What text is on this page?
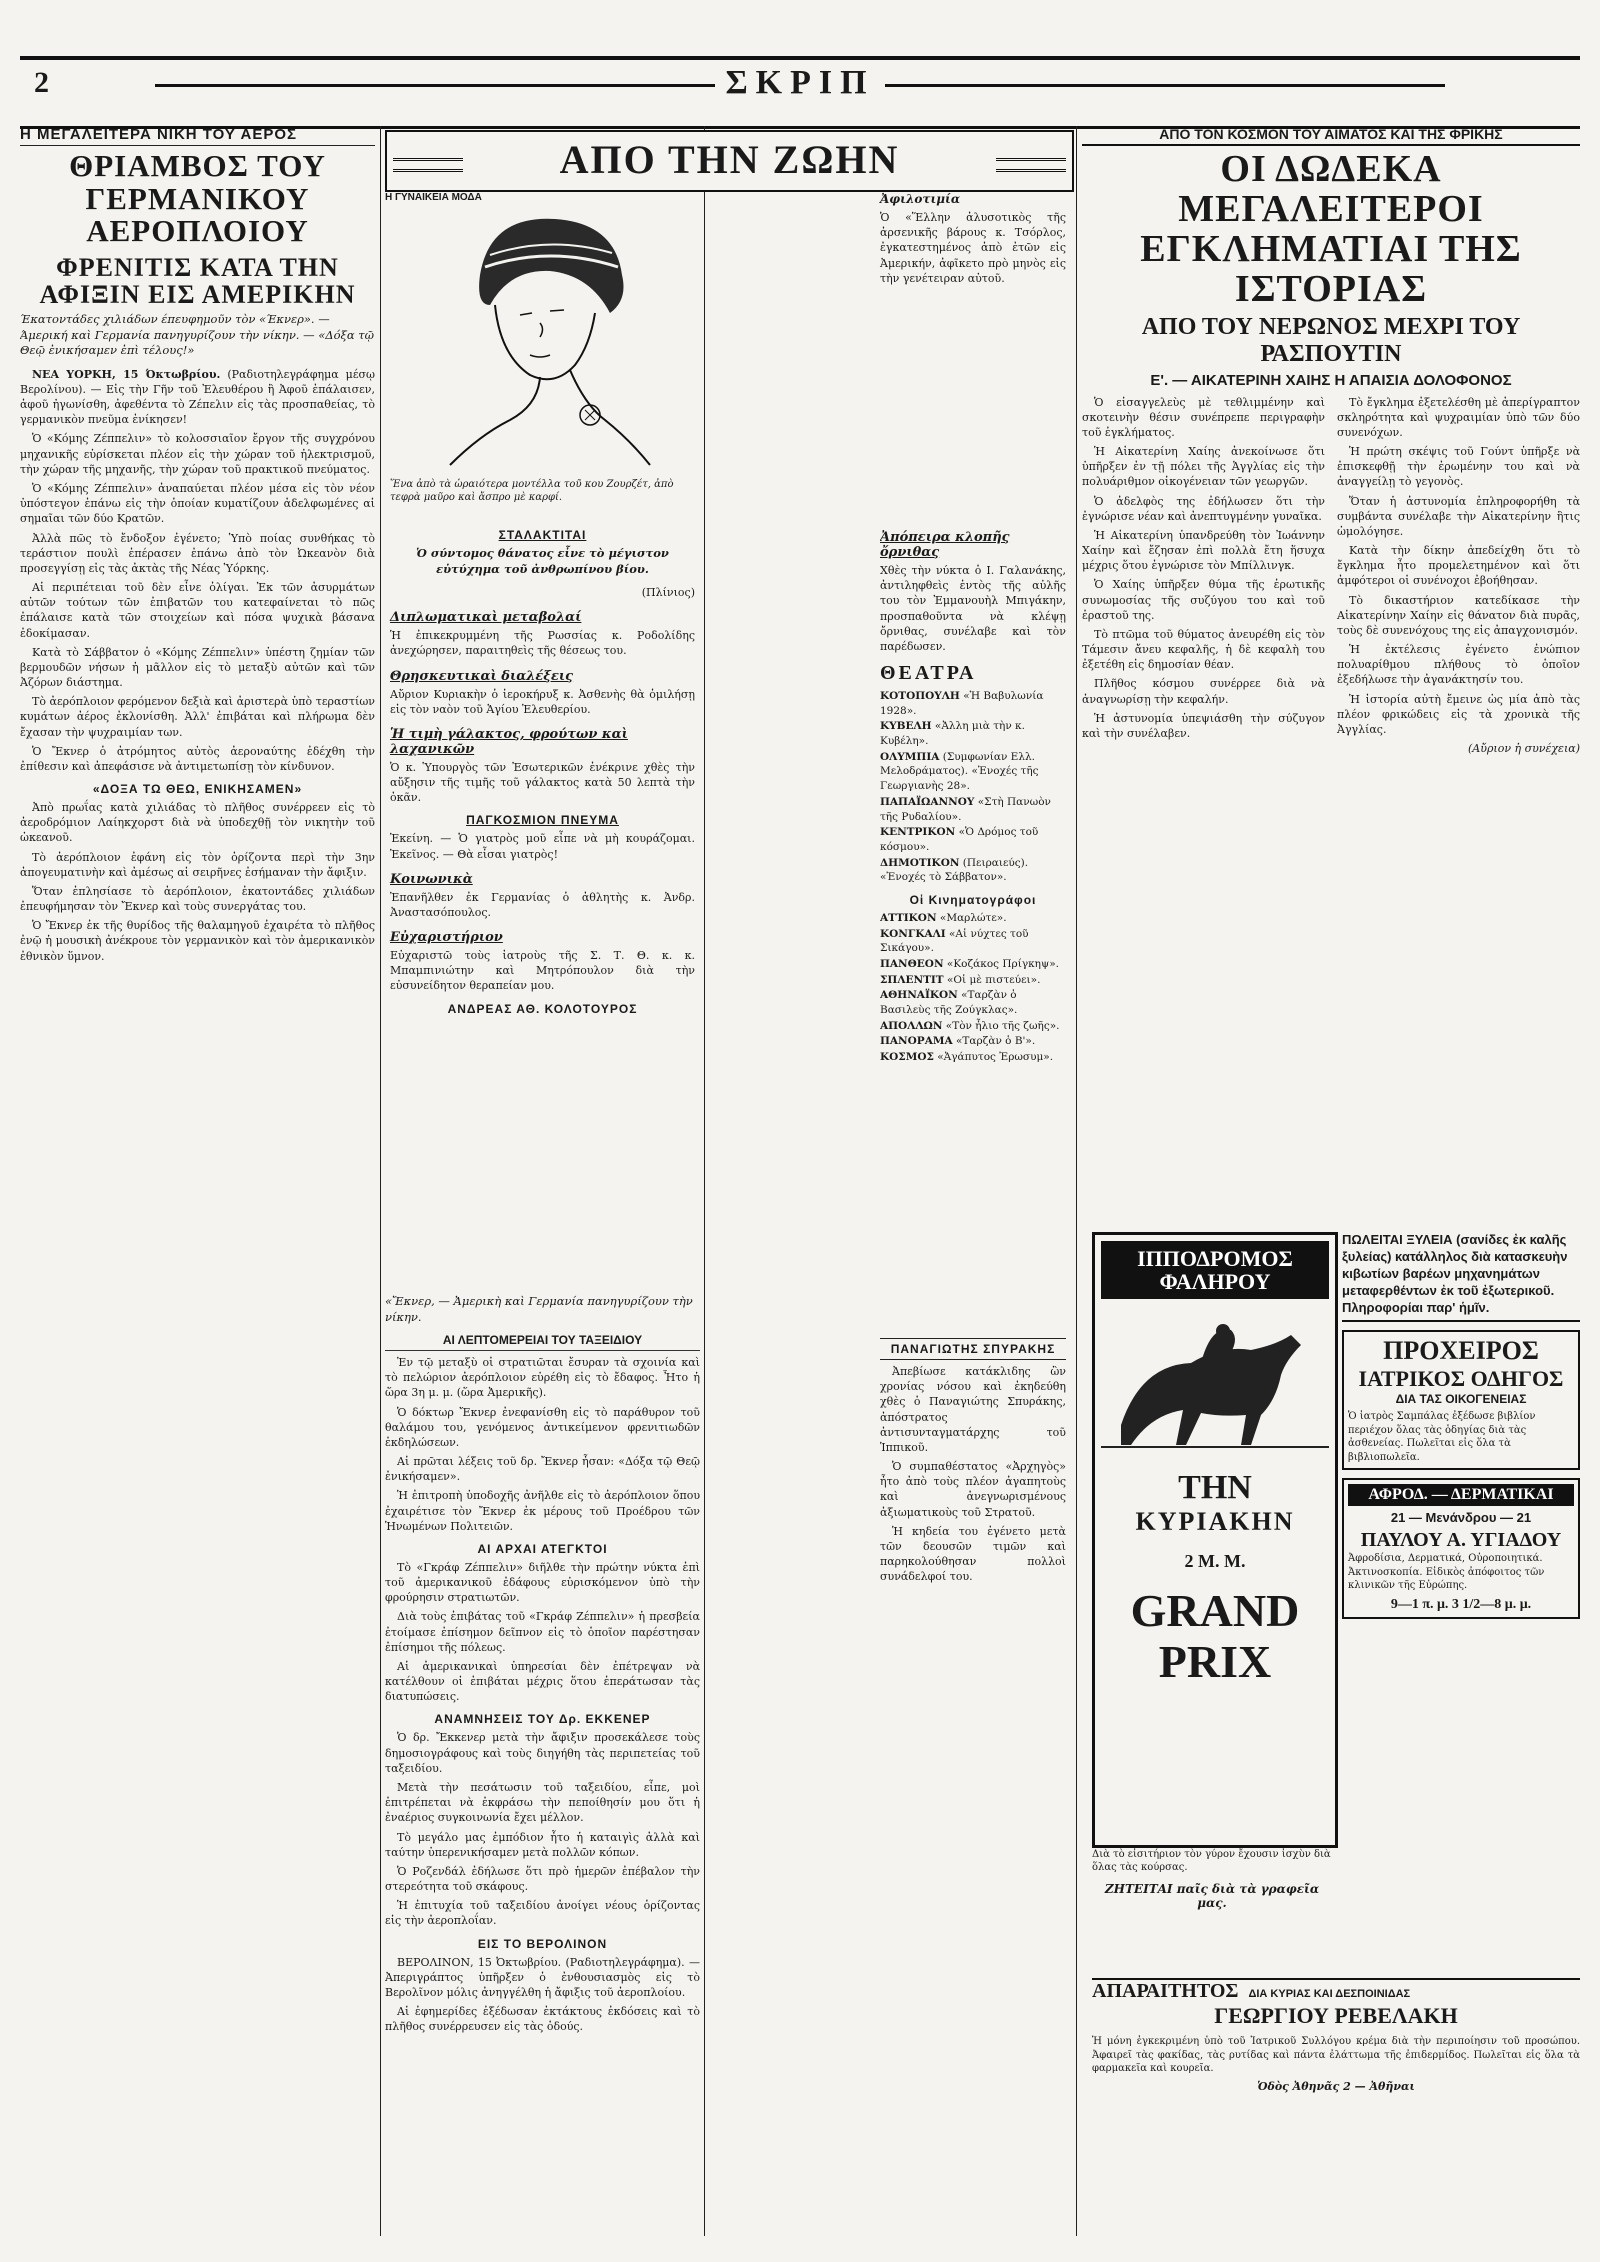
2	ΣΚΡΙΠ
Η ΜΕΓΑΛΕΙΤΕΡΑ ΝΙΚΗ ΤΟΥ ΑΕΡΟΣ
ΘΡΙΑΜΒΟΣ ΤΟΥ ΓΕΡΜΑΝΙΚΟΥ ΑΕΡΟΠΛΟΙΟΥ
ΦΡΕΝΙΤΙΣ ΚΑΤΑ ΤΗΝ ΑΦΙΞΙΝ ΕΙΣ ΑΜΕΡΙΚΗΝ
Έκατοντάδες χιλιάδων έπευφημοῦν τὸν «Έκνερ». — Άμερική καὶ Γερμανία πανηγυρίζουν τὴν νίκην. — «Δόξα τῷ Θεῷ ἐνικήσαμεν ἐπὶ τέλους!»

ΝΕΑ ΥΟΡΚΗ, 15 Όκτωβρίου. (Ραδιοτηλεγράφημα μέσῳ Βερολίνου). — Εἰς τὴν Γῆν τοῦ Ἐλευθέρου ἢ Ἀφοῦ ἐπάλαισεν, ἀφοῦ ἠγωνίσθη, ἀφεθέντα τὸ Ζέπελιν εἰς τὰς προσπαθείας, τὸ γερμανικὸν πνεῦμα ἐνίκησεν!

Ὁ «Κόμης Ζέππελιν» τὸ κολοσσιαῖον ἔργον τῆς συγχρόνου μηχανικῆς εὑρίσκεται πλέον εἰς τὴν χώραν τοῦ ἠλεκτρισμοῦ, τὴν χώραν τῆς μηχανῆς, τὴν χώραν τοῦ πρακτικοῦ πνεύματος.

Ὁ «Κόμης Ζέππελιν» ἀναπαύεται πλέον μέσα εἰς τὸν νέον ὑπόστεγον ἐπάνω εἰς τὴν ὁποίαν κυματίζουν ἀδελφωμένες αἱ σημαῖαι τῶν δύο Κρατῶν.

Ἀλλὰ πῶς τὸ ἔνδοξον ἐγένετο; Ὑπὸ ποίας συνθήκας τὸ τεράστιον πουλὶ ἐπέρασεν ἐπάνω ἀπὸ τὸν Ὠκεανὸν διὰ προσεγγίσῃ εἰς τὰς ἀκτὰς τῆς Νέας Ὑόρκης.

Αἱ περιπέτειαι τοῦ δὲν εἶνε ὀλίγαι. Ἐκ τῶν ἀσυρμάτων αὐτῶν τούτων τῶν ἐπιβατῶν του κατεφαίνεται τὸ πῶς ἐπάλαισε κατὰ τῶν στοιχείων καὶ πόσα ψυχικὰ βάσανα ἐδοκίμασαν.

Κατὰ τὸ Σάββατον ὁ «Κόμης Ζέππελιν» ὑπέστη ζημίαν τῶν βερμουδῶν νήσων ἡ μᾶλλον εἰς τὸ μεταξὺ αὐτῶν καὶ τῶν Ἀζόρων διάστημα.

Τὸ ἀερόπλοιον φερόμενον δεξιὰ καὶ ἀριστερὰ ὑπὸ τεραστίων κυμάτων ἀέρος ἐκλονίσθη. Ἀλλ' ἐπιβάται καὶ πλήρωμα δὲν ἔχασαν τὴν ψυχραιμίαν των.

Ὁ Ἔκνερ ὁ ἀτρόμητος αὐτὸς ἀεροναύτης ἐδέχθη τὴν ἐπίθεσιν καὶ ἀπεφάσισε νὰ ἀντιμετωπίσῃ τὸν κίνδυνον.

«ΔΟΞΑ ΤΩ ΘΕΩ, ΕΝΙΚΗΣΑΜΕΝ»

Ἀπὸ πρωΐας κατὰ χιλιάδας τὸ πλῆθος συνέρρεεν εἰς τὸ ἀεροδρόμιον Λαίηκχορστ διὰ νὰ ὑποδεχθῇ τὸν νικητὴν τοῦ ὠκεανοῦ.

Τὸ ἀερόπλοιον ἐφάνη εἰς τὸν ὁρίζοντα περὶ τὴν 3ην ἀπογευματινὴν καὶ ἀμέσως αἱ σειρῆνες ἐσήμαναν τὴν ἄφιξιν.

Ὅταν ἐπλησίασε τὸ ἀερόπλοιον, ἐκατοντάδες χιλιάδων ἐπευφήμησαν τὸν Ἔκνερ καὶ τοὺς συνεργάτας του.

Ὁ Ἔκνερ ἐκ τῆς θυρίδος τῆς θαλαμηγοῦ ἐχαιρέτα τὸ πλῆθος ἐνῷ ἡ μουσικὴ ἀνέκρουε τὸν γερμανικὸν καὶ τὸν ἀμερικανικὸν ἐθνικὸν ὕμνον.

ΑΠΟ ΤΗΝ ΖΩΗΝ
Η ΓΥΝΑΙΚΕΙΑ ΜΟΔΑ	Ἀφιλοτιμία
Ἕνα ἀπὸ τὰ ὡραιότερα μοντέλλα τοῦ κου Ζουρζέτ, ἀπὸ τεφρὰ μαῦρο καὶ ἄσπρο μὲ καρφί.
ΣΤΑΛΑΚΤΙΤΑΙ
Ὁ σύντομος θάνατος εἶνε τὸ μέγιστον εὐτύχημα τοῦ ἀνθρωπίνου βίου.
(Πλίνιος)
Διπλωματικαὶ μεταβολαί
Ἡ ἐπικεκρυμμένη τῆς Ρωσσίας κ. Ροδολίδης ἀνεχώρησεν, παραιτηθεὶς τῆς θέσεως του.
Θρησκευτικαὶ διαλέξεις
Αὔριον Κυριακὴν ὁ ἱεροκήρυξ κ. Ἀσθενὴς θὰ ὁμιλήσῃ εἰς τὸν ναὸν τοῦ Ἁγίου Ἐλευθερίου.
Ἡ τιμὴ γάλακτος, φρούτων καὶ λαχανικῶν
Ὁ κ. Ὑπουργὸς τῶν Ἐσωτερικῶν ἐνέκρινε χθὲς τὴν αὔξησιν τῆς τιμῆς τοῦ γάλακτος κατὰ 50 λεπτὰ τὴν ὀκᾶν.
ΠΑΓΚΟΣΜΙΟΝ ΠΝΕΥΜΑ
Ἐκείνη. — Ὁ γιατρὸς μοῦ εἶπε νὰ μὴ κουράζομαι. Ἐκεῖνος. — Θὰ εἶσαι γιατρὸς!
Κοινωνικὰ
Ἐπανῆλθεν ἐκ Γερμανίας ὁ ἀθλητὴς κ. Ἀνδρ. Ἀναστασόπουλος.
Εὐχαριστήριον
Εὐχαριστῶ τοὺς ἰατροὺς τῆς Σ. Τ. Θ. κ. κ. Μπαμπινιώτην καὶ Μητρόπουλον διὰ τὴν εὐσυνείδητον θεραπείαν μου.
ΑΝΔΡΕΑΣ ΑΘ. ΚΟΛΟΤΟΥΡΟΣ
«Ἔκνερ, — Ἀμερικὴ καὶ Γερμανία πανηγυρίζουν τὴν νίκην.
ΑΙ ΛΕΠΤΟΜΕΡΕΙΑΙ ΤΟΥ ΤΑΞΕΙΔΙΟΥ

Ἐν τῷ μεταξὺ οἱ στρατιῶται ἔσυραν τὰ σχοινία καὶ τὸ πελώριον ἀερόπλοιον εὑρέθη εἰς τὸ ἔδαφος. Ἦτο ἡ ὥρα 3η μ. μ. (ὥρα Ἀμερικῆς).

Ὁ δόκτωρ Ἔκνερ ἐνεφανίσθη εἰς τὸ παράθυρον τοῦ θαλάμου του, γενόμενος ἀντικείμενον φρενιτιωδῶν ἐκδηλώσεων.

Αἱ πρῶται λέξεις τοῦ δρ. Ἔκνερ ἦσαν: «Δόξα τῷ Θεῷ ἐνικήσαμεν».

Ἡ ἐπιτροπὴ ὑποδοχῆς ἀνῆλθε εἰς τὸ ἀερόπλοιον ὅπου ἐχαιρέτισε τὸν Ἔκνερ ἐκ μέρους τοῦ Προέδρου τῶν Ἡνωμένων Πολιτειῶν.

ΑΙ ΑΡΧΑΙ ΑΤΕΓΚΤΟΙ

Τὸ «Γκράφ Ζέππελιν» διῆλθε τὴν πρώτην νύκτα ἐπὶ τοῦ ἀμερικανικοῦ ἐδάφους εὑρισκόμενον ὑπὸ τὴν φρούρησιν στρατιωτῶν.

Διὰ τοὺς ἐπιβάτας τοῦ «Γκράφ Ζέππελιν» ἡ πρεσβεία ἐτοίμασε ἐπίσημον δεῖπνον εἰς τὸ ὁποῖον παρέστησαν ἐπίσημοι τῆς πόλεως.

Αἱ ἀμερικανικαὶ ὑπηρεσίαι δὲν ἐπέτρεψαν νὰ κατέλθουν οἱ ἐπιβάται μέχρις ὅτου ἐπεράτωσαν τὰς διατυπώσεις.

ΑΝΑΜΝΗΣΕΙΣ ΤΟΥ Δρ. ΕΚΚΕΝΕΡ

Ὁ δρ. Ἔκκενερ μετὰ τὴν ἄφιξιν προσεκάλεσε τοὺς δημοσιογράφους καὶ τοὺς διηγήθη τὰς περιπετείας τοῦ ταξειδίου.

Μετὰ τὴν πεσάτωσιν τοῦ ταξειδίου, εἶπε, μοὶ ἐπιτρέπεται νὰ ἐκφράσω τὴν πεποίθησίν μου ὅτι ἡ ἐναέριος συγκοινωνία ἔχει μέλλον.

Τὸ μεγάλο μας ἐμπόδιον ἦτο ἡ καταιγὶς ἀλλὰ καὶ ταύτην ὑπερενικήσαμεν μετὰ πολλῶν κόπων.

Ὁ Ροζενδάλ ἐδήλωσε ὅτι πρὸ ἡμερῶν ἐπέβαλον τὴν στερεότητα τοῦ σκάφους.

Ἡ ἐπιτυχία τοῦ ταξειδίου ἀνοίγει νέους ὁρίζοντας εἰς τὴν ἀεροπλοΐαν.

ΕΙΣ ΤΟ ΒΕΡΟΛΙΝΟΝ

ΒΕΡΟΛΙΝΟΝ, 15 Ὀκτωβρίου. (Ραδιοτηλεγράφημα). — Ἀπεριγράπτος ὑπῆρξεν ὁ ἐνθουσιασμὸς εἰς τὸ Βερολῖνον μόλις ἀνηγγέλθη ἡ ἄφιξις τοῦ ἀεροπλοίου.

Αἱ ἐφημερίδες ἐξέδωσαν ἐκτάκτους ἐκδόσεις καὶ τὸ πλῆθος συνέρρευσεν εἰς τὰς ὁδούς.

Ὁ «Ἕλλην ἀλυσοτικὸς τῆς ἀρσενικῆς βάρους κ. Τσόρλος, ἐγκατεστημένος ἀπὸ ἐτῶν εἰς Ἀμερικήν, ἀφῖκετο πρὸ μηνὸς εἰς τὴν γενέτειραν αὐτοῦ.
Ἀπόπειρα κλοπῆς ὄρνιθας
Χθὲς τὴν νύκτα ὁ Ι. Γαλανάκης, ἀντιληφθεὶς ἐντὸς τῆς αὐλῆς του τὸν Ἐμμανουὴλ Μπιγάκην, προσπαθοῦντα νὰ κλέψῃ ὄρνιθας, συνέλαβε καὶ τὸν παρέδωσεν.
ΘΕΑΤΡΑ
ΚΟΤΟΠΟΥΛΗ «Ἡ Βαβυλωνία 1928».
ΚΥΒΕΛΗ «Ἀλλη μιὰ τὴν κ. Κυβέλη».
ΟΛΥΜΠΙΑ (Συμφωνίαν Ελλ. Μελοδράματος). «Ἐνοχές τῆς Γεωργιανὴς 28».
ΠΑΠΑΪΩΑΝΝΟΥ «Στὴ Πανωὸν τῆς Ρυδαλίου».
ΚΕΝΤΡΙΚΟΝ «Ὁ Δρόμος τοῦ κόσμου».
ΔΗΜΟΤΙΚΟΝ (Πειραιεύς). «Ἐνοχές τὸ Σάββατον».
Οἱ Κινηματογράφοι
ΑΤΤΙΚΟΝ «Μαρλώτε».
ΚΟΝΓΚΑΛΙ «Αἱ νύχτες τοῦ Σικάγου».
ΠΑΝΘΕΟΝ «Κοζάκος Πρίγκηψ».
ΣΠΛΕΝΤΙΤ «Οἱ μὲ πιστεύει».
ΑΘΗΝΑΪΚΟΝ «Ταρζὰν ὁ Βασιλεὺς τῆς Ζούγκλας».
ΑΠΟΛΛΩΝ «Τὸν ἦλιο τῆς ζωῆς».
ΠΑΝΟΡΑΜΑ «Ταρζὰν ὁ Β'».
ΚΟΣΜΟΣ «Ἀγάπυτος Ἐρωσυμ».
ΠΑΝΑΓΙΩΤΗΣ ΣΠΥΡΑΚΗΣ

Ἀπεβίωσε κατάκλιδης ὢν χρονίας νόσου καὶ ἐκηδεύθη χθὲς ὁ Παναγιώτης Σπυράκης, ἀπόστρατος ἀντισυνταγματάρχης τοῦ Ἱππικοῦ.

Ὁ συμπαθέστατος «Ἀρχηγὸς» ἦτο ἀπὸ τοὺς πλέον ἀγαπητοὺς καὶ ἀνεγνωρισμένους ἀξιωματικοὺς τοῦ Στρατοῦ.

Ἡ κηδεία του ἐγένετο μετὰ τῶν δεουσῶν τιμῶν καὶ παρηκολούθησαν πολλοὶ συνάδελφοί του.

ΑΠΟ ΤΟΝ ΚΟΣΜΟΝ ΤΟΥ ΑΙΜΑΤΟΣ ΚΑΙ ΤΗΣ ΦΡΙΚΗΣ
ΟΙ ΔΩΔΕΚΑ ΜΕΓΑΛΕΙΤΕΡΟΙ ΕΓΚΛΗΜΑΤΙΑΙ ΤΗΣ ΙΣΤΟΡΙΑΣ
ΑΠΟ ΤΟΥ ΝΕΡΩΝΟΣ ΜΕΧΡΙ ΤΟΥ ΡΑΣΠΟΥΤΙΝ
Ε'. — ΑΙΚΑΤΕΡΙΝΗ ΧΑΙΗΣ Η ΑΠΑΙΣΙΑ ΔΟΛΟΦΟΝΟΣ

Ὁ εἰσαγγελεὺς μὲ τεθλιμμένην καὶ σκοτεινὴν θέσιν συνέπρεπε περιγραφὴν τοῦ ἐγκλήματος.

Ἡ Αἰκατερίνη Χαίης ἀνεκοίνωσε ὅτι ὑπῆρξεν ἐν τῇ πόλει τῆς Ἀγγλίας εἰς τὴν πολυάριθμον οἰκογένειαν τῶν γεωργῶν.

Ὁ ἀδελφὸς της ἐδήλωσεν ὅτι τὴν ἐγνώρισε νέαν καὶ ἀνεπτυγμένην γυναῖκα.

Ἡ Αἰκατερίνη ὑπανδρεύθη τὸν Ἰωάννην Χαίην καὶ ἔζησαν ἐπὶ πολλὰ ἔτη ἥσυχα μέχρις ὅτου ἐγνώρισε τὸν Μπίλλινγκ.

Ὁ Χαίης ὑπῆρξεν θύμα τῆς ἐρωτικῆς συνωμοσίας τῆς συζύγου του καὶ τοῦ ἐραστοῦ της.

Τὸ πτῶμα τοῦ θύματος ἀνευρέθη εἰς τὸν Τάμεσιν ἄνευ κεφαλῆς, ἡ δὲ κεφαλὴ του ἐξετέθη εἰς δημοσίαν θέαν.

Πλῆθος κόσμου συνέρρεε διὰ νὰ ἀναγνωρίσῃ τὴν κεφαλήν.

Ἡ ἀστυνομία ὑπεψιάσθη τὴν σύζυγον καὶ τὴν συνέλαβεν.

Τὸ ἔγκλημα ἐξετελέσθη μὲ ἀπερίγραπτον σκληρότητα καὶ ψυχραιμίαν ὑπὸ τῶν δύο συνενόχων.

Ἡ πρώτη σκέψις τοῦ Γούντ ὑπῆρξε νὰ ἐπισκεφθῇ τὴν ἐρωμένην του καὶ νὰ ἀναγγείλῃ τὸ γεγονὸς.

Ὅταν ἡ ἀστυνομία ἐπληροφορήθη τὰ συμβάντα συνέλαβε τὴν Αἰκατερίνην ἣτις ὡμολόγησε.

Κατὰ τὴν δίκην ἀπεδείχθη ὅτι τὸ ἔγκλημα ἦτο προμελετημένον καὶ ὅτι ἀμφότεροι οἱ συνένοχοι ἐβοήθησαν.

Τὸ δικαστήριον κατεδίκασε τὴν Αἰκατερίνην Χαίην εἰς θάνατον διὰ πυρᾶς, τοὺς δὲ συνενόχους της εἰς ἀπαγχονισμόν.

Ἡ ἐκτέλεσις ἐγένετο ἐνώπιον πολυαρίθμου πλήθους τὸ ὁποῖον ἐξεδήλωσε τὴν ἀγανάκτησίν του.

Ἡ ἱστορία αὐτὴ ἔμεινε ὡς μία ἀπὸ τὰς πλέον φρικώδεις εἰς τὰ χρονικὰ τῆς Ἀγγλίας.

(Αὔριον ἡ συνέχεια)

ΙΠΠΟΔΡΟΜΟΣ ΦΑΛΗΡΟΥ
ΤΗΝ
ΚΥΡΙΑΚΗΝ
2 Μ. Μ.
GRAND PRIX
Διὰ τὸ εἰσιτήριον τὸν γύρον ἔχουσιν ἰσχὺν διὰ ὅλας τὰς κούρσας.
ΖΗΤΕΙΤΑΙ παῖς διὰ τὰ γραφεῖα μας.
ΠΩΛΕΙΤΑΙ ΞΥΛΕΙΑ (σανίδες ἐκ καλῆς ξυλείας) κατάλληλος διὰ κατασκευὴν κιβωτίων βαρέων μηχανημάτων μεταφερθέντων ἐκ τοῦ ἐξωτερικοῦ. Πληροφορίαι παρ' ἡμῖν.
ΠΡΟΧΕΙΡΟΣ
ΙΑΤΡΙΚΟΣ ΟΔΗΓΟΣ
ΔΙΑ ΤΑΣ ΟΙΚΟΓΕΝΕΙΑΣ
Ὁ ἰατρὸς Σαμπάλας ἐξέδωσε βιβλίον περιέχον ὅλας τὰς ὁδηγίας διὰ τὰς ἀσθενείας. Πωλεῖται εἰς ὅλα τὰ βιβλιοπωλεῖα.
ΑΦΡΟΔ. — ΔΕΡΜΑΤΙΚΑΙ
21 — Μενάνδρου — 21
ΠΑΥΛΟΥ Α. ΥΓΙΑΔΟΥ
Ἀφροδίσια, Δερματικά, Οὐροποιητικά. Ἀκτινοσκοπία. Εἰδικὸς ἀπόφοιτος τῶν κλινικῶν τῆς Εὐρώπης.
9—1 π. μ. 3 1/2—8 μ. μ.
ΑΠΑΡΑΙΤΗΤΟΣ ΔΙΑ ΚΥΡΙΑΣ ΚΑΙ ΔΕΣΠΟΙΝΙΔΑΣ
ΓΕΩΡΓΙΟΥ ΡΕΒΕΛΑΚΗ
Ἡ μόνη ἐγκεκριμένη ὑπὸ τοῦ Ἰατρικοῦ Συλλόγου κρέμα διὰ τὴν περιποίησιν τοῦ προσώπου. Ἀφαιρεῖ τὰς φακίδας, τὰς ρυτίδας καὶ πάντα ἐλάττωμα τῆς ἐπιδερμίδος. Πωλεῖται εἰς ὅλα τὰ φαρμακεῖα καὶ κουρεῖα.
Ὁδὸς Ἀθηνᾶς 2 — Ἀθῆναι
